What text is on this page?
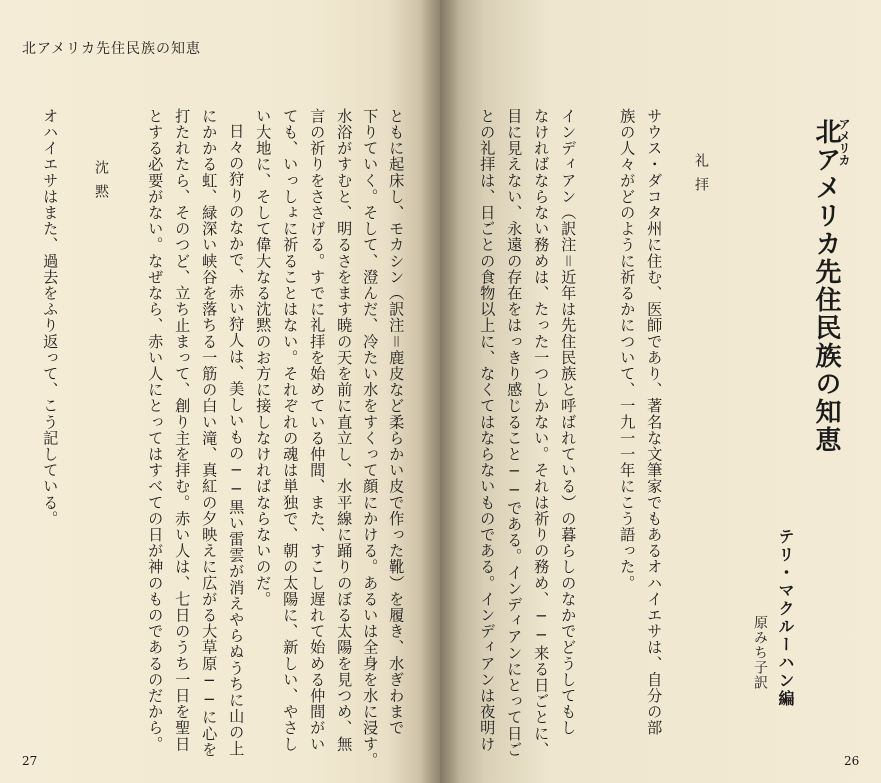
北アメリカ先住民族の知恵
ともに起床し、モカシン（訳注＝鹿皮など柔らかい皮で作った靴）を履き、水ぎわまで
下りていく。そして、澄んだ、冷たい水をすくって顔にかける。あるいは全身を水に浸す。
水浴がすむと、明るさをます暁の天を前に直立し、水平線に踊りのぼる太陽を見つめ、無
言の祈りをささげる。すでに礼拝を始めている仲間、また、すこし遅れて始める仲間がい
ても、いっしょに祈ることはない。それぞれの魂は単独で、朝の太陽に、新しい、やさし
い大地に、そして偉大なる沈黙のお方に接しなければならないのだ。
日々の狩りのなかで、赤い狩人は、美しいもの──黒い雷雲が消えやらぬうちに山の上
にかかる虹、緑深い峡谷を落ちる一筋の白い滝、真紅の夕映えに広がる大草原──に心を
打たれたら、そのつど、立ち止まって、創り主を拝む。赤い人は、七日のうち一日を聖日
とする必要がない。なぜなら、赤い人にとってはすべての日が神のものであるのだから。
沈黙
オハイエサはまた、過去をふり返って、こう記している。
27
アメリカ
北アメリカ先住民族の知恵
テリ・マクルーハン編
原みち子訳
サウス・ダコタ州に住む、医師であり、著名な文筆家でもあるオハイエサは、自分の部
族の人々がどのように祈るかについて、一九一一年にこう語った。	礼拝
インディアン（訳注＝近年は先住民族と呼ばれている）の暮らしのなかでどうしてもし
なければならない務めは、たった一つしかない。それは祈りの務め、──来る日ごとに、
目に見えない、永遠の存在をはっきり感じること──である。インディアンにとって日ご
との礼拝は、日ごとの食物以上に、なくてはならないものである。インディアンは夜明け
26
